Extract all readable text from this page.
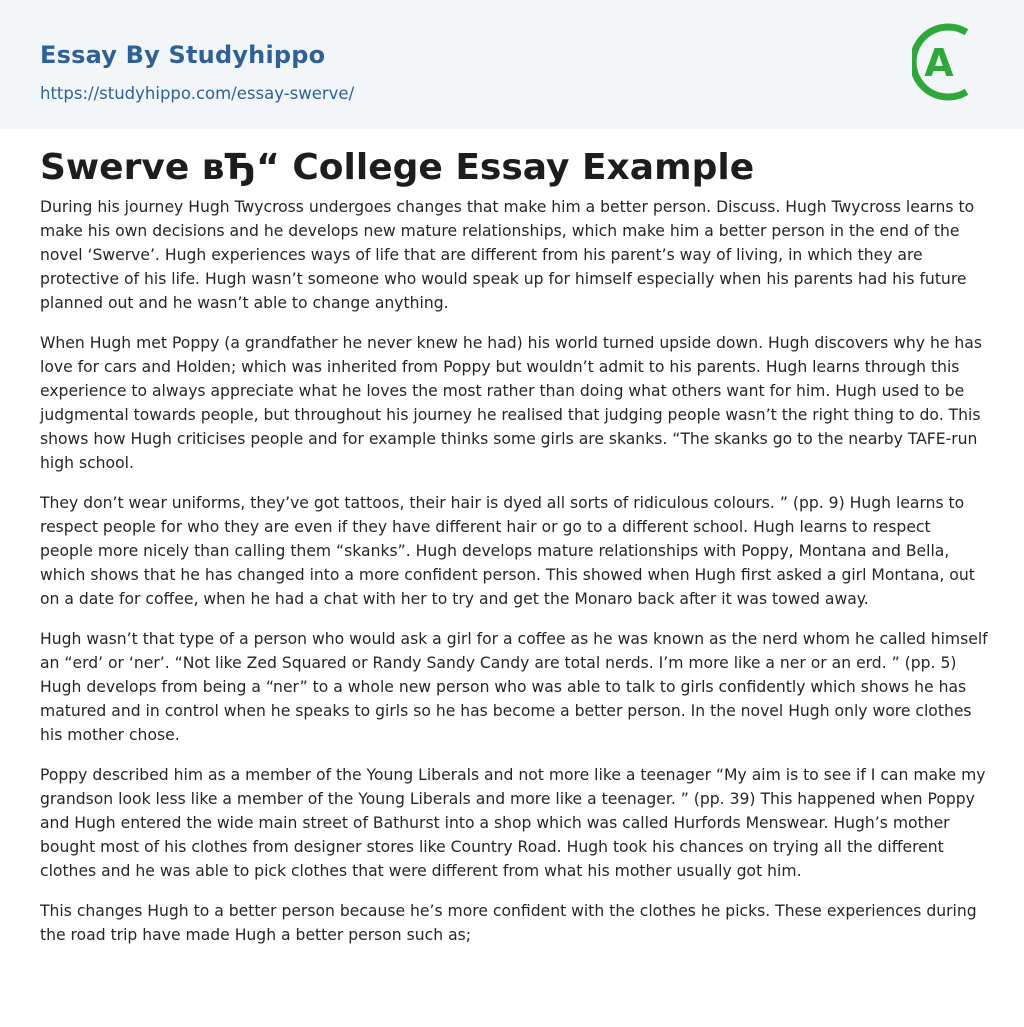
Essay By Studyhippo
https://studyhippo.com/essay-swerve/
A
Swerve вЂ“ College Essay Example

During his journey Hugh Twycross undergoes changes that make him a better person. Discuss. Hugh Twycross learns to make his own decisions and he develops new mature relationships, which make him a better person in the end of the novel ‘Swerve’. Hugh experiences ways of life that are different from his parent’s way of living, in which they are protective of his life. Hugh wasn’t someone who would speak up for himself especially when his parents had his future planned out and he wasn’t able to change anything.

When Hugh met Poppy (a grandfather he never knew he had) his world turned upside down. Hugh discovers why he has love for cars and Holden; which was inherited from Poppy but wouldn’t admit to his parents. Hugh learns through this experience to always appreciate what he loves the most rather than doing what others want for him. Hugh used to be judgmental towards people, but throughout his journey he realised that judging people wasn’t the right thing to do. This shows how Hugh criticises people and for example thinks some girls are skanks. “The skanks go to the nearby TAFE-run high school.

They don’t wear uniforms, they’ve got tattoos, their hair is dyed all sorts of ridiculous colours. ” (pp. 9) Hugh learns to respect people for who they are even if they have different hair or go to a different school. Hugh learns to respect people more nicely than calling them “skanks”. Hugh develops mature relationships with Poppy, Montana and Bella, which shows that he has changed into a more confident person. This showed when Hugh first asked a girl Montana, out on a date for coffee, when he had a chat with her to try and get the Monaro back after it was towed away.

Hugh wasn’t that type of a person who would ask a girl for a coffee as he was known as the nerd whom he called himself an “erd’ or ‘ner’. “Not like Zed Squared or Randy Sandy Candy are total nerds. I’m more like a ner or an erd. ” (pp. 5) Hugh develops from being a “ner” to a whole new person who was able to talk to girls confidently which shows he has matured and in control when he speaks to girls so he has become a better person. In the novel Hugh only wore clothes his mother chose.

Poppy described him as a member of the Young Liberals and not more like a teenager “My aim is to see if I can make my grandson look less like a member of the Young Liberals and more like a teenager. ” (pp. 39) This happened when Poppy and Hugh entered the wide main street of Bathurst into a shop which was called Hurfords Menswear. Hugh’s mother bought most of his clothes from designer stores like Country Road. Hugh took his chances on trying all the different clothes and he was able to pick clothes that were different from what his mother usually got him.

This changes Hugh to a better person because he’s more confident with the clothes he picks. These experiences during the road trip have made Hugh a better person such as;
